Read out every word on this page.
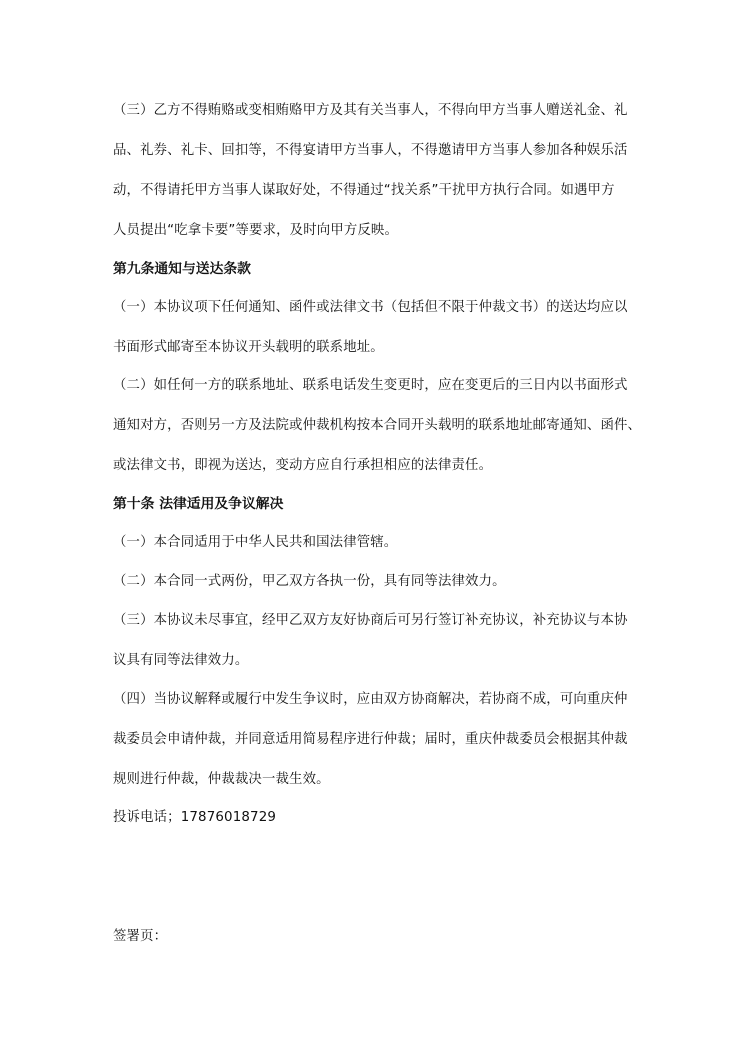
（三）乙方不得贿赂或变相贿赂甲方及其有关当事人，不得向甲方当事人赠送礼金、礼
品、礼券、礼卡、回扣等，不得宴请甲方当事人，不得邀请甲方当事人参加各种娱乐活
动，不得请托甲方当事人谋取好处，不得通过“找关系”干扰甲方执行合同。如遇甲方
人员提出“吃拿卡要”等要求，及时向甲方反映。

第九条通知与送达条款

（一）本协议项下任何通知、函件或法律文书（包括但不限于仲裁文书）的送达均应以
书面形式邮寄至本协议开头载明的联系地址。

（二）如任何一方的联系地址、联系电话发生变更时，应在变更后的三日内以书面形式
通知对方，否则另一方及法院或仲裁机构按本合同开头载明的联系地址邮寄通知、函件、
或法律文书，即视为送达，变动方应自行承担相应的法律责任。

第十条 法律适用及争议解决

（一）本合同适用于中华人民共和国法律管辖。

（二）本合同一式两份，甲乙双方各执一份，具有同等法律效力。

（三）本协议未尽事宜，经甲乙双方友好协商后可另行签订补充协议，补充协议与本协
议具有同等法律效力。

（四）当协议解释或履行中发生争议时，应由双方协商解决，若协商不成，可向重庆仲
裁委员会申请仲裁，并同意适用简易程序进行仲裁；届时，重庆仲裁委员会根据其仲裁
规则进行仲裁，仲裁裁决一裁生效。

投诉电话；17876018729

签署页：
